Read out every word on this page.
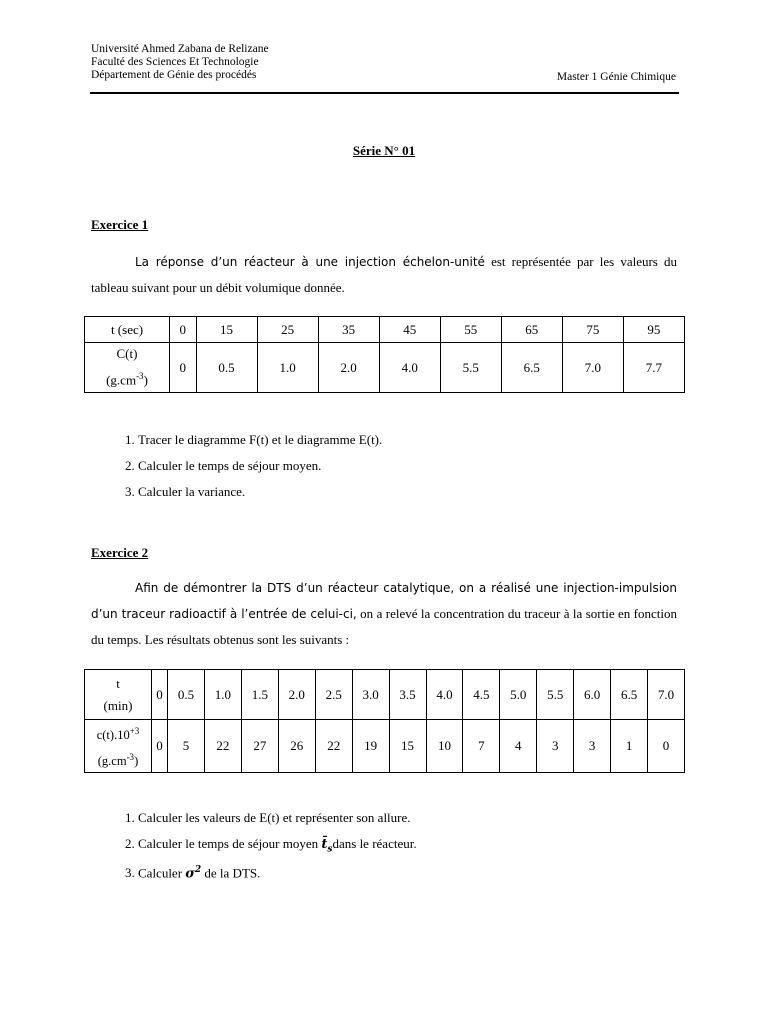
Université Ahmed Zabana de Relizane
Faculté des Sciences Et Technologie
Département de Génie des procédés	Master 1 Génie Chimique
Série N° 01
Exercice 1

La réponse d’un réacteur à une injection échelon-unité est représentée par les valeurs du tableau suivant pour un débit volumique donnée.

t (sec)	0	15	25	35	45	55	65	75	95
C(t)
$(g.cm^{-3})$	0	0.5	1.0	2.0	4.0	5.5	6.5	7.0	7.7
1. Tracer le diagramme F(t) et le diagramme E(t).
2. Calculer le temps de séjour moyen.
3. Calculer la variance.
Exercice 2

Afin de démontrer la DTS d’un réacteur catalytique, on a réalisé une injection-impulsion d’un traceur radioactif à l’entrée de celui-ci, on a relevé la concentration du traceur à la sortie en fonction du temps. Les résultats obtenus sont les suivants :

t
(min)	0	0.5	1.0	1.5	2.0	2.5	3.0	3.5	4.0	4.5	5.0	5.5	6.0	6.5	7.0
$c(t).10^{+3}$
$(g.cm^{-3})$	0	5	22	27	26	22	19	15	10	7	4	3	3	1	0
1. Calculer les valeurs de E(t) et représenter son allure.
2. Calculer le temps de séjour moyen $t̄_sdans$ le réacteur.
3. Calculer $\sigma^2$ de la DTS.
